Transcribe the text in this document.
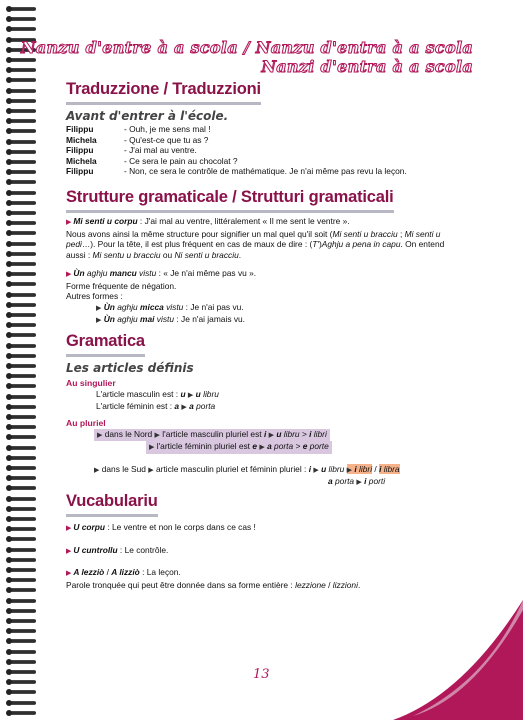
Nanzu d'entre à a scola / Nanzu d'entra à a scola
Nanzi d'entra à a scola
Traduzzione / Traduzzioni
Avant d'entrer à l'école.
Filippu	- Ouh, je me sens mal !
Michela	- Qu'est-ce que tu as ?
Filippu	- J'ai mal au ventre.
Michela	- Ce sera le pain au chocolat ?
Filippu	- Non, ce sera le contrôle de mathématique. Je n'ai même pas revu la leçon.
Strutture gramaticale / Strutturi gramaticali
▶ Mi senti u corpu : J'ai mal au ventre, littéralement « Il me sent le ventre ».
Nous avons ainsi la même structure pour signifier un mal quel qu'il soit (Mi senti u bracciu ; Mi senti u
pedi…). Pour la tête, il est plus fréquent en cas de maux de dire : (T')Aghju a pena in capu. On entend
aussi : Mi sentu u bracciu ou Ni senti u bracciu.
▶ Ùn aghju mancu vistu : « Je n'ai même pas vu ».
Forme fréquente de négation.
Autres formes :
▶ Ùn aghju micca vistu : Je n'ai pas vu.
▶ Ùn aghju mai vistu : Je n'ai jamais vu.
Gramatica
Les articles définis
Au singulier
L'article masculin est : u ▶ u libru
L'article féminin est : a ▶ a porta
Au pluriel
▶ dans le Nord ▶ l'article masculin pluriel est i ▶ u libru > i libri
▶ l'article féminin pluriel est e ▶ a porta > e porte
▶ dans le Sud ▶ article masculin pluriel et féminin pluriel : i ▶ u libru ▶ i libri / i libra
a porta ▶ i porti
Vucabulariu
▶ U corpu : Le ventre et non le corps dans ce cas !
▶ U cuntrollu : Le contrôle.
▶ A lezziò / A lizziò : La leçon.
Parole tronquée qui peut être donnée dans sa forme entière : lezzione / lizzioni.
13
